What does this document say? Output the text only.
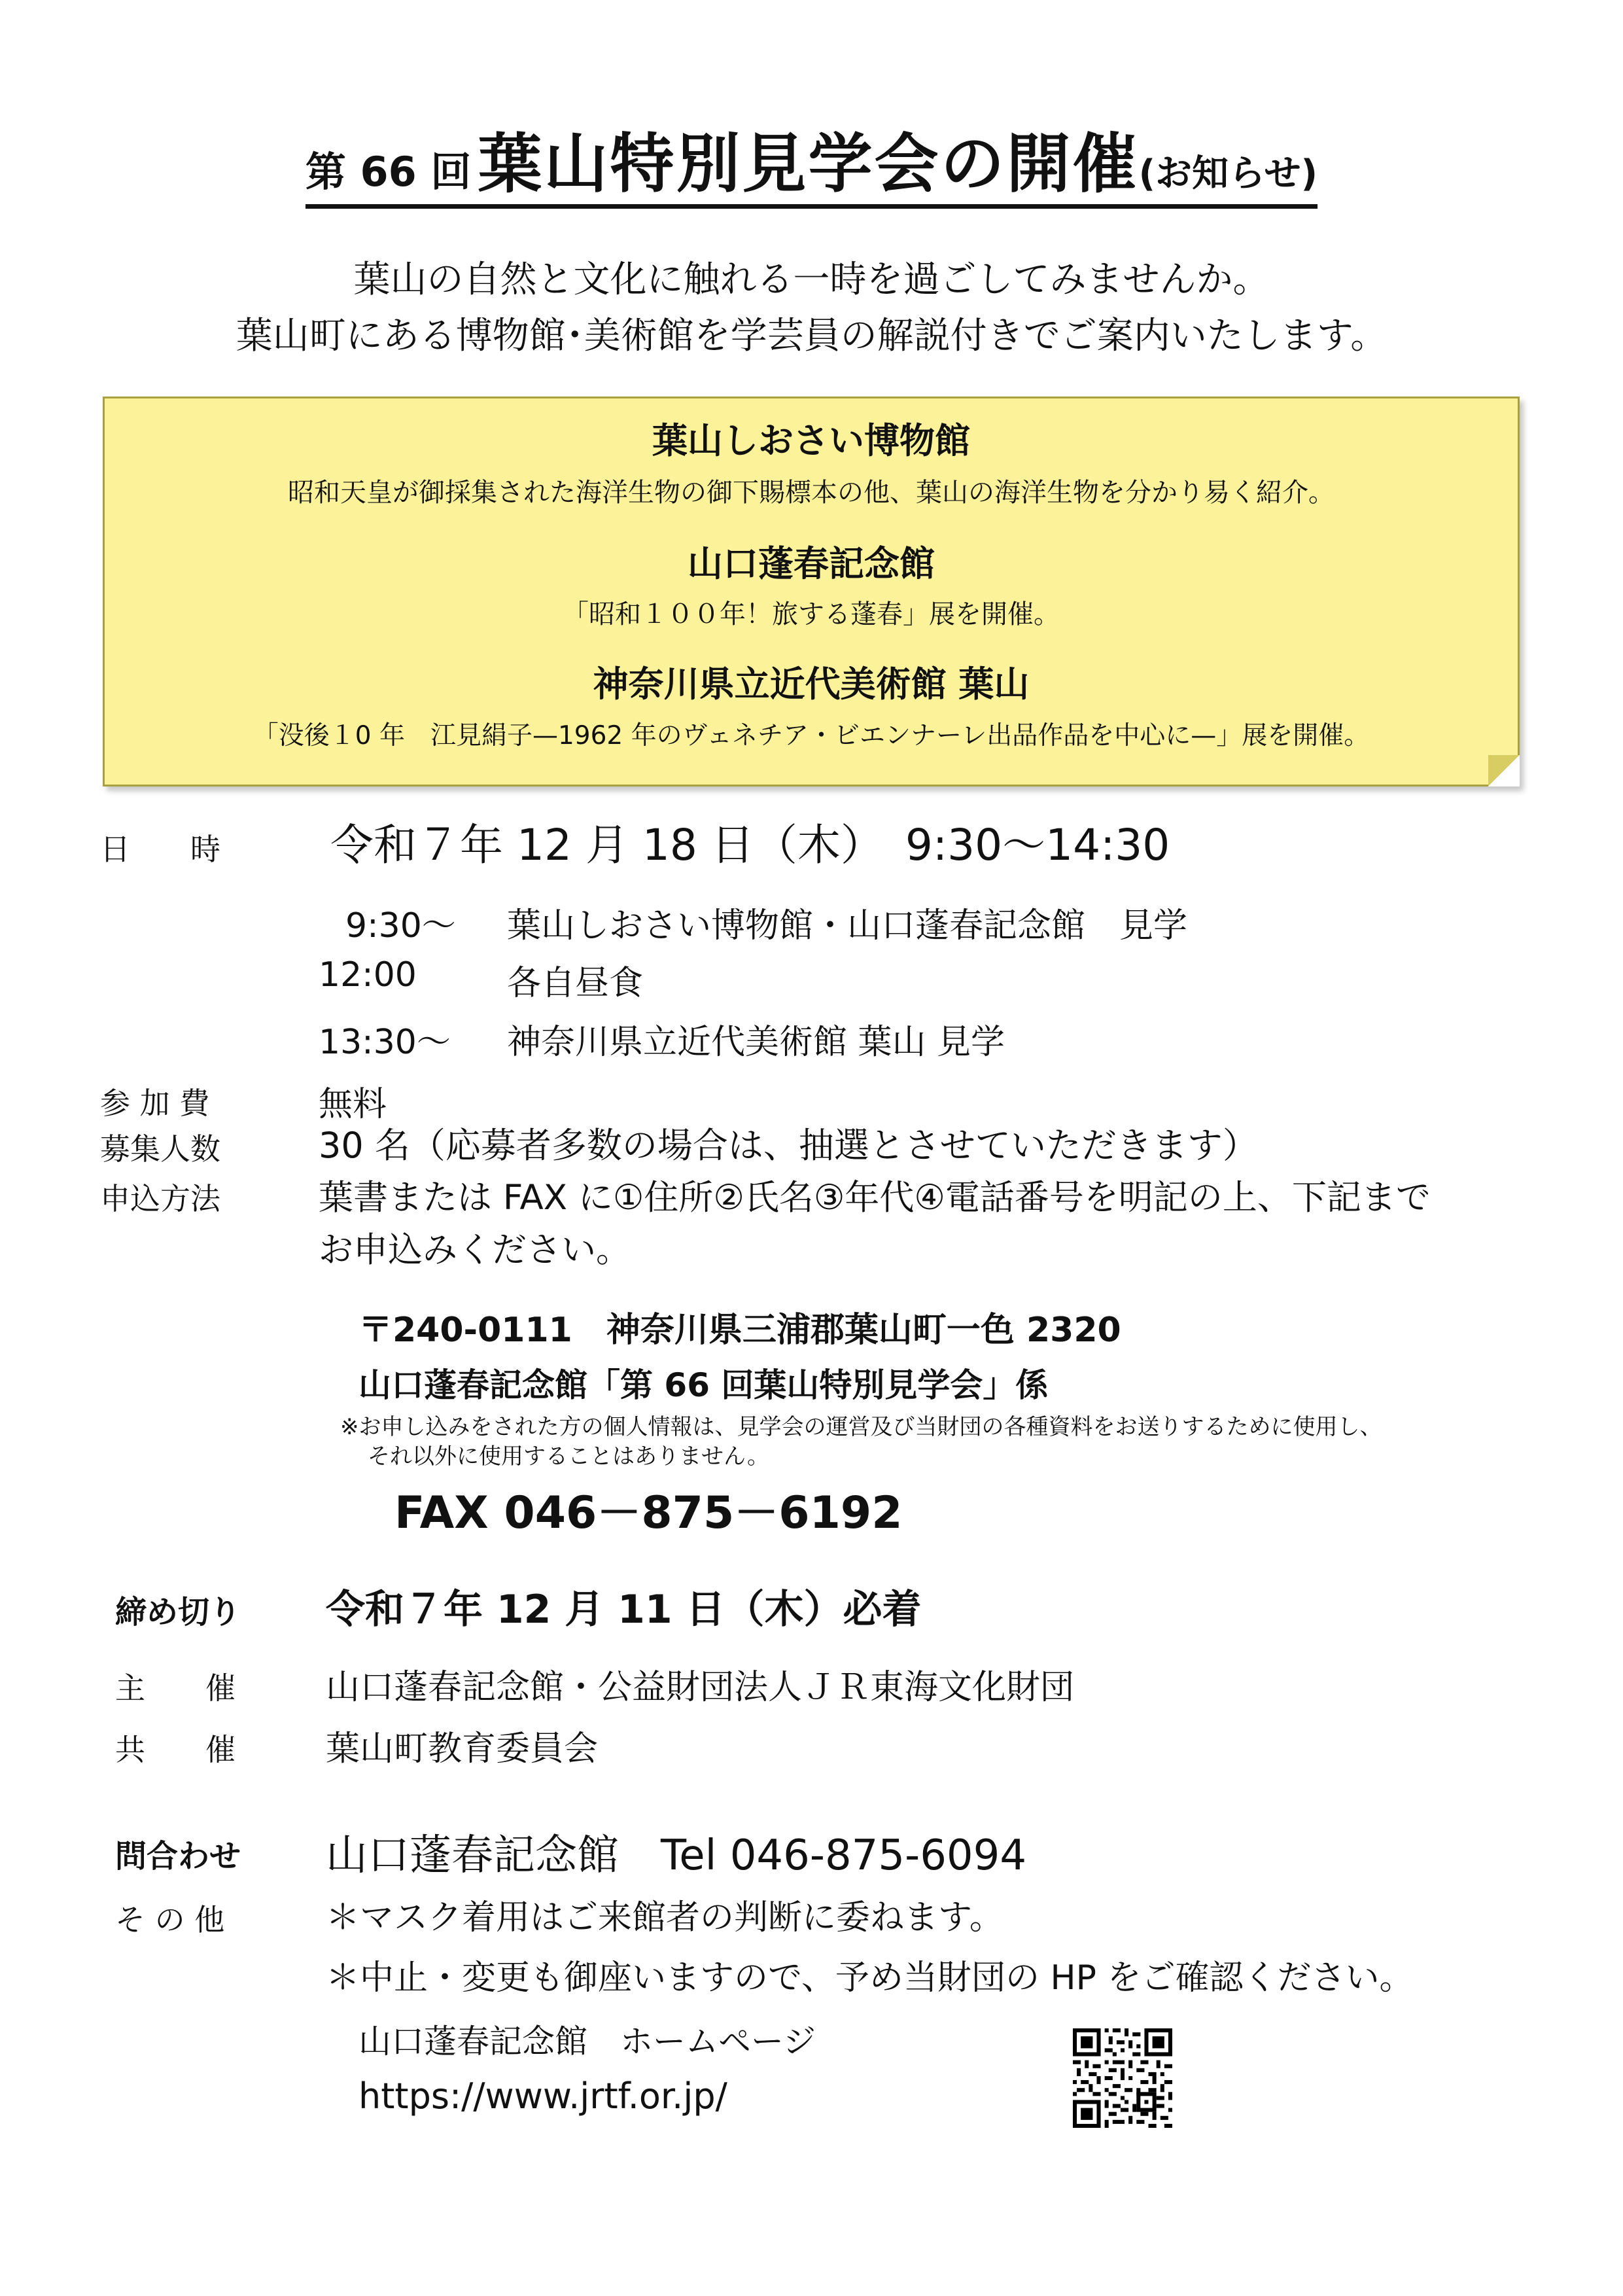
第 66 回 葉山特別見学会の開催(お知らせ)
葉山の自然と文化に触れる一時を過ごしてみませんか。
葉山町にある博物館･美術館を学芸員の解説付きでご案内いたします。
葉山しおさい博物館
昭和天皇が御採集された海洋生物の御下賜標本の他、葉山の海洋生物を分かり易く紹介。
山口蓬春記念館
「昭和１００年！旅する蓬春」展を開催。
神奈川県立近代美術館 葉山
「没後１0 年　江見絹子—1962 年のヴェネチア・ビエンナーレ出品作品を中心に—」展を開催。
日　　時	令和７年 12 月 18 日（木）　9:30～14:30
9:30～ 葉山しおさい博物館・山口蓬春記念館　見学
12:00	各自昼食
13:30～ 神奈川県立近代美術館 葉山 見学
参 加 費	無料
募集人数	30 名（応募者多数の場合は、抽選とさせていただきます）
申込方法	葉書または FAX に①住所②氏名③年代④電話番号を明記の上、下記まで
お申込みください。
〒240-0111　神奈川県三浦郡葉山町一色 2320
山口蓬春記念館「第 66 回葉山特別見学会」係
※お申し込みをされた方の個人情報は、見学会の運営及び当財団の各種資料をお送りするために使用し、
それ以外に使用することはありません。
FAX 046－875－6192
締め切り 令和７年 12 月 11 日（木）必着
主　　催	山口蓬春記念館・公益財団法人ＪＲ東海文化財団
共　　催	葉山町教育委員会
問合わせ 山口蓬春記念館　Tel 046-875-6094
そ の 他	＊マスク着用はご来館者の判断に委ねます。
＊中止・変更も御座いますので、予め当財団の HP をご確認ください。
山口蓬春記念館　ホームページ
https://www.jrtf.or.jp/
